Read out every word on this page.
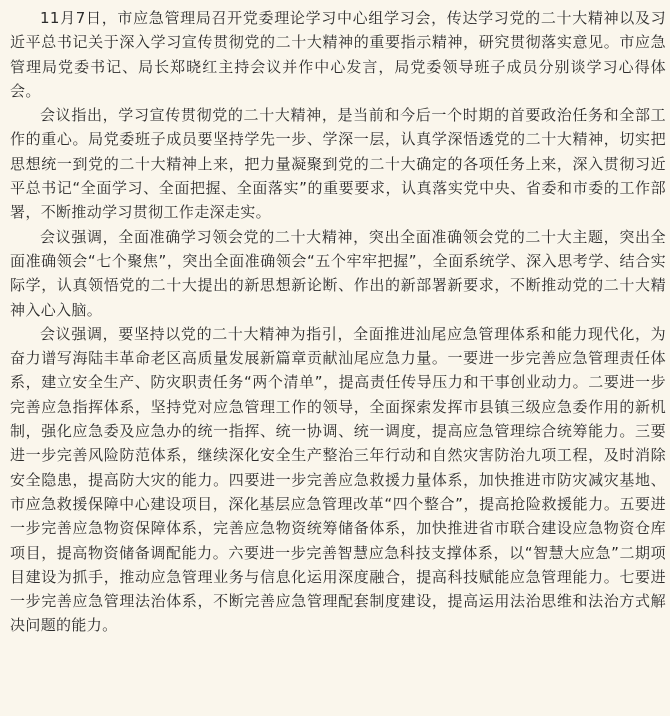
11月7日，市应急管理局召开党委理论学习中心组学习会，传达学习党的二十大精神以及习近平总书记关于深入学习宣传贯彻党的二十大精神的重要指示精神，研究贯彻落实意见。市应急管理局党委书记、局长郑晓红主持会议并作中心发言，局党委领导班子成员分别谈学习心得体会。

会议指出，学习宣传贯彻党的二十大精神，是当前和今后一个时期的首要政治任务和全部工作的重心。局党委班子成员要坚持学先一步、学深一层，认真学深悟透党的二十大精神，切实把思想统一到党的二十大精神上来，把力量凝聚到党的二十大确定的各项任务上来，深入贯彻习近平总书记“全面学习、全面把握、全面落实”的重要要求，认真落实党中央、省委和市委的工作部署，不断推动学习贯彻工作走深走实。

会议强调，全面准确学习领会党的二十大精神，突出全面准确领会党的二十大主题，突出全面准确领会“七个聚焦”，突出全面准确领会“五个牢牢把握”，全面系统学、深入思考学、结合实际学，认真领悟党的二十大提出的新思想新论断、作出的新部署新要求，不断推动党的二十大精神入心入脑。

会议强调，要坚持以党的二十大精神为指引，全面推进汕尾应急管理体系和能力现代化，为奋力谱写海陆丰革命老区高质量发展新篇章贡献汕尾应急力量。一要进一步完善应急管理责任体系，建立安全生产、防灾职责任务“两个清单”，提高责任传导压力和干事创业动力。二要进一步完善应急指挥体系，坚持党对应急管理工作的领导，全面探索发挥市县镇三级应急委作用的新机制，强化应急委及应急办的统一指挥、统一协调、统一调度，提高应急管理综合统筹能力。三要进一步完善风险防范体系，继续深化安全生产整治三年行动和自然灾害防治九项工程，及时消除安全隐患，提高防大灾的能力。四要进一步完善应急救援力量体系，加快推进市防灾减灾基地、市应急救援保障中心建设项目，深化基层应急管理改革“四个整合”，提高抢险救援能力。五要进一步完善应急物资保障体系，完善应急物资统筹储备体系，加快推进省市联合建设应急物资仓库项目，提高物资储备调配能力。六要进一步完善智慧应急科技支撑体系，以“智慧大应急”二期项目建设为抓手，推动应急管理业务与信息化运用深度融合，提高科技赋能应急管理能力。七要进一步完善应急管理法治体系，不断完善应急管理配套制度建设，提高运用法治思维和法治方式解决问题的能力。
